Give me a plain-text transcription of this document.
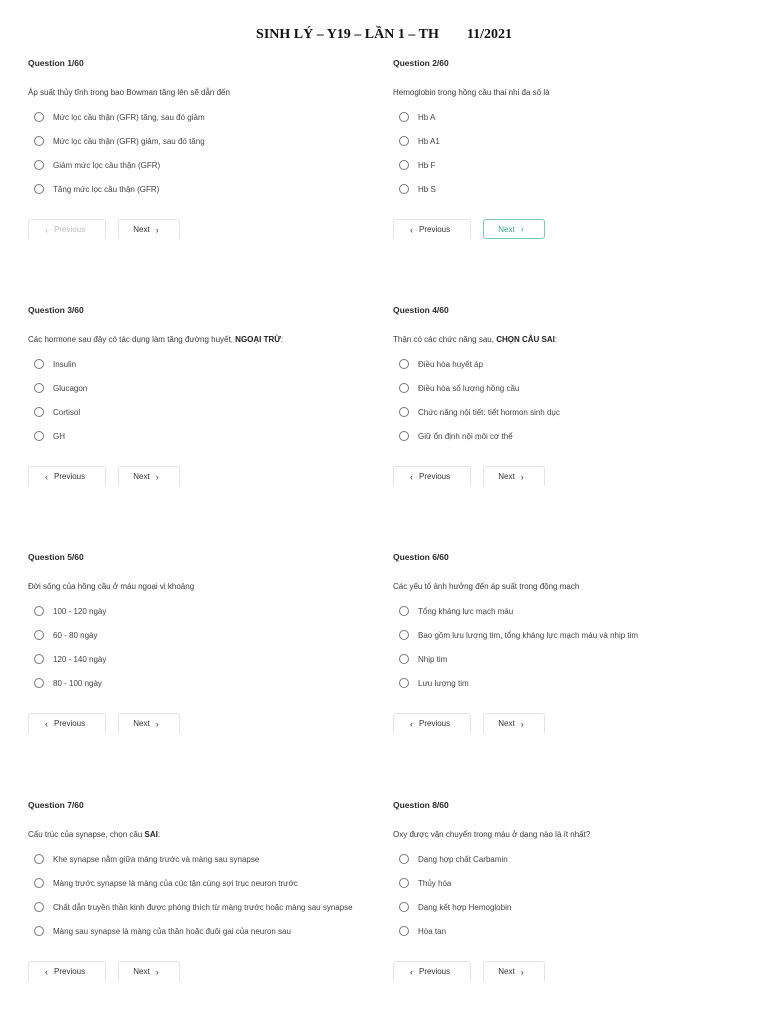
SINH LÝ – Y19 – LẦN 1 – TH 11/2021
Question 1/60
Áp suất thủy tĩnh trong bao Bowman tăng lên sẽ dẫn đến
Mức lọc cầu thận (GFR) tăng, sau đó giảm
Mức lọc cầu thận (GFR) giảm, sau đó tăng
Giảm mức lọc cầu thận (GFR)
Tăng mức lọc cầu thận (GFR)
‹ Previous	Next ›
Question 2/60
Hemoglobin trong hồng cầu thai nhi đa số là
Hb A
Hb A1
Hb F
Hb S
‹ Previous	Next ›
Question 3/60
Các hormone sau đây có tác dụng làm tăng đường huyết, NGOẠI TRỪ:
Insulin
Glucagon
Cortisol
GH
‹ Previous	Next ›
Question 4/60
Thận có các chức năng sau, CHỌN CÂU SAI:
Điều hòa huyết áp
Điều hòa số lượng hồng cầu
Chức năng nội tiết: tiết hormon sinh dục
Giữ ổn định nội môi cơ thể
‹ Previous	Next ›
Question 5/60
Đời sống của hồng cầu ở máu ngoại vi khoảng
100 - 120 ngày
60 - 80 ngày
120 - 140 ngày
80 - 100 ngày
‹ Previous	Next ›
Question 6/60
Các yếu tố ảnh hưởng đến áp suất trong động mạch
Tổng kháng lực mạch máu
Bao gồm lưu lượng tim, tổng kháng lực mạch máu và nhịp tim
Nhịp tim
Lưu lượng tim
‹ Previous	Next ›
Question 7/60
Cấu trúc của synapse, chọn câu SAI:
Khe synapse nằm giữa màng trước và màng sau synapse
Màng trước synapse là màng của cúc tận cùng sợi trục neuron trước
Chất dẫn truyền thần kinh được phóng thích từ màng trước hoặc màng sau synapse
Màng sau synapse là màng của thân hoặc đuôi gai của neuron sau
‹ Previous	Next ›
Question 8/60
Oxy được vận chuyển trong máu ở dạng nào là ít nhất?
Dạng hợp chất Carbamin
Thủy hóa
Dạng kết hợp Hemoglobin
Hòa tan
‹ Previous	Next ›
